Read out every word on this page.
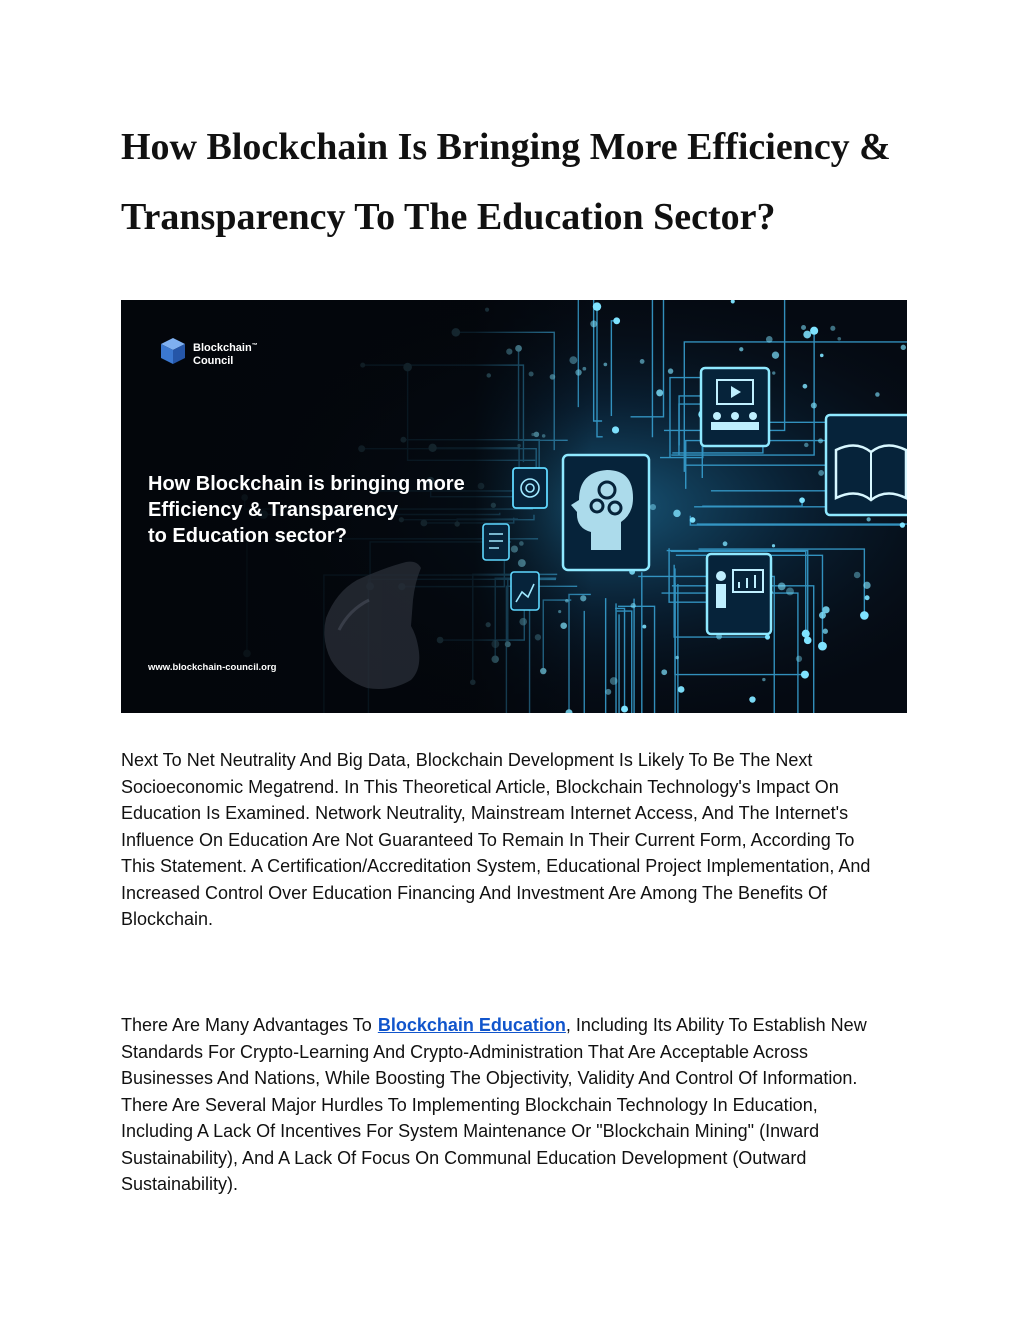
How Blockchain Is Bringing More Efficiency & Transparency To The Education Sector?
Blockchain™
Council
How Blockchain is bringing more
Efficiency & Transparency
to Education sector?
www.blockchain-council.org

Next To Net Neutrality And Big Data, Blockchain Development Is Likely To Be The Next Socioeconomic Megatrend. In This Theoretical Article, Blockchain Technology's Impact On Education Is Examined. Network Neutrality, Mainstream Internet Access, And The Internet's Influence On Education Are Not Guaranteed To Remain In Their Current Form, According To This Statement. A Certification/Accreditation System, Educational Project Implementation, And Increased Control Over Education Financing And Investment Are Among The Benefits Of Blockchain.

There Are Many Advantages To Blockchain Education, Including Its Ability To Establish New Standards For Crypto-Learning And Crypto-Administration That Are Acceptable Across Businesses And Nations, While Boosting The Objectivity, Validity And Control Of Information. There Are Several Major Hurdles To Implementing Blockchain Technology In Education, Including A Lack Of Incentives For System Maintenance Or "Blockchain Mining" (Inward Sustainability), And A Lack Of Focus On Communal Education Development (Outward Sustainability).
